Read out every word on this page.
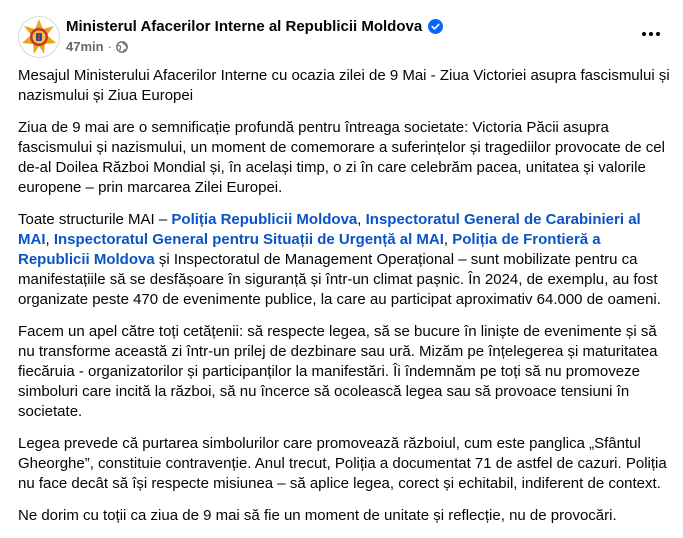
Ministerul Afacerilor Interne al Republicii Moldova
47min ·

Mesajul Ministerului Afacerilor Interne cu ocazia zilei de 9 Mai - Ziua Victoriei asupra fascismului și nazismului și Ziua Europei

Ziua de 9 mai are o semnificație profundă pentru întreaga societate: Victoria Păcii asupra fascismului și nazismului, un moment de comemorare a suferințelor și tragediilor provocate de cel de-al Doilea Război Mondial și, în același timp, o zi în care celebrăm pacea, unitatea și valorile europene – prin marcarea Zilei Europei.

Toate structurile MAI – Poliția Republicii Moldova, Inspectoratul General de Carabinieri al MAI, Inspectoratul General pentru Situații de Urgență al MAI, Poliția de Frontieră a Republicii Moldova și Inspectoratul de Management Operațional – sunt mobilizate pentru ca manifestațiile să se desfășoare în siguranță și într-un climat pașnic. În 2024, de exemplu, au fost organizate peste 470 de evenimente publice, la care au participat aproximativ 64.000 de oameni.

Facem un apel către toți cetățenii: să respecte legea, să se bucure în liniște de evenimente și să nu transforme această zi într-un prilej de dezbinare sau ură. Mizăm pe înțelegerea și maturitatea fiecăruia - organizatorilor și participanților la manifestări. Îi îndemnăm pe toți să nu promoveze simboluri care incită la război, să nu încerce să ocolească legea sau să provoace tensiuni în societate.

Legea prevede că purtarea simbolurilor care promovează războiul, cum este panglica „Sfântul Gheorghe”, constituie contravenție. Anul trecut, Poliția a documentat 71 de astfel de cazuri. Poliția nu face decât să își respecte misiunea – să aplice legea, corect și echitabil, indiferent de context.

Ne dorim cu toții ca ziua de 9 mai să fie un moment de unitate și reflecție, nu de provocări.
